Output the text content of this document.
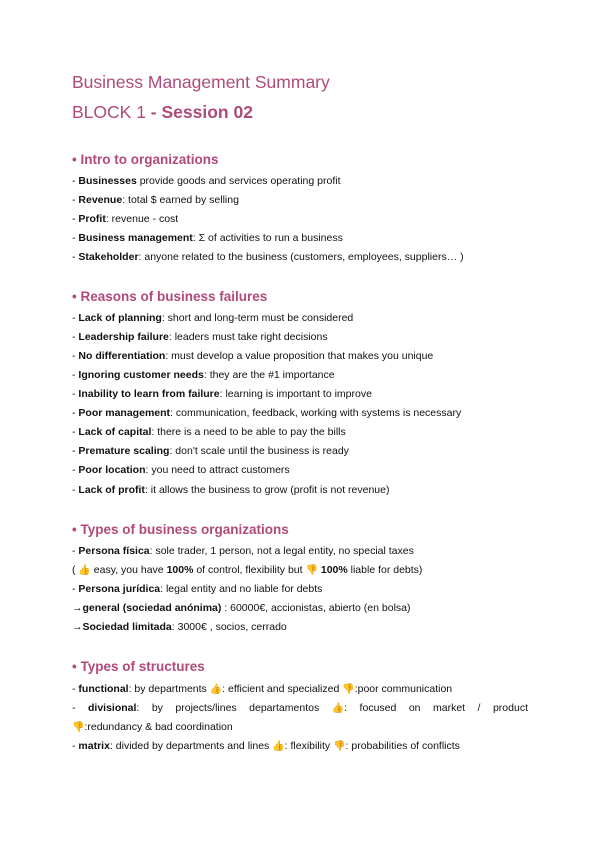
Business Management Summary
BLOCK 1 - Session 02
• Intro to organizations
- Businesses provide goods and services operating profit
- Revenue: total $ earned by selling
- Profit: revenue - cost
- Business management: Σ of activities to run a business
- Stakeholder: anyone related to the business (customers, employees, suppliers… )
• Reasons of business failures
- Lack of planning: short and long-term must be considered
- Leadership failure: leaders must take right decisions
- No differentiation: must develop a value proposition that makes you unique
- Ignoring customer needs: they are the #1 importance
- Inability to learn from failure: learning is important to improve
- Poor management: communication, feedback, working with systems is necessary
- Lack of capital: there is a need to be able to pay the bills
- Premature scaling: don't scale until the business is ready
- Poor location: you need to attract customers
- Lack of profit: it allows the business to grow (profit is not revenue)
• Types of business organizations
- Persona física: sole trader, 1 person, not a legal entity, no special taxes
( 👍 easy, you have 100% of control, flexibility but 👎 100% liable for debts)
- Persona jurídica: legal entity and no liable for debts
→general (sociedad anónima) : 60000€, accionistas, abierto (en bolsa)
→Sociedad limitada: 3000€ , socios, cerrado
• Types of structures
- functional: by departments 👍: efficient and specialized 👎:poor communication
- divisional: by projects/lines departamentos 👍: focused on market / product
👎:redundancy & bad coordination
- matrix: divided by departments and lines 👍: flexibility 👎: probabilities of conflicts
